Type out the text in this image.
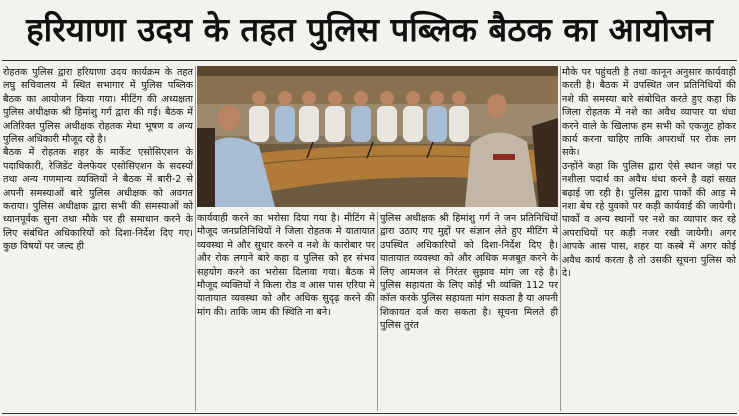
हरियाणा उदय के तहत पुलिस पब्लिक बैठक का आयोजन

रोहतक पुलिस द्वारा हरियाणा उदय कार्यक्रम के तहत लघु सचिवालय में स्थित सभागार में पुलिस पब्लिक बैठक का आयोजन किया गया। मीटिंग की अध्यक्षता पुलिस अधीक्षक श्री हिमांशु गर्ग द्वारा की गई। बैठक में अतिरिक्त पुलिस अधीक्षक रोहतक मेधा भूषण व अन्य पुलिस अधिकारी मौजूद रहे है।

बैठक में रोहतक शहर के मार्केट एसोसिएशन के पदाधिकारी, रेजिडेंट वेलफेयर एसोसिएशन के सदस्यों तथा अन्य गणमान्य व्यक्तियों ने बैठक में बारी-2 से अपनी समस्याओं बारे पुलिस अधीक्षक को अवगत कराया। पुलिस अधीक्षक द्वारा सभी की समस्याओं को ध्यानपूर्वक सुना तथा मौके पर ही समाधान करने के लिए संबंधित अधिकारियों को दिशा-निर्देश दिए गए। कुछ विषयों पर जल्द ही

कार्यवाही करने का भरोसा दिया गया है। मीटिंग मे मौजूद जनप्रतिनिधियों ने जिला रोहतक मे यातायात व्यवस्था मे और सुधार करने व नशे के कारोबार पर और रोक लगाने बारे कहा व पुलिस को हर संभव सहयोग करने का भरोसा दिलावा गया। बैठक मे मौजूद व्यक्तियों ने किला रोड व आस पास एरिया मे यातायात व्यवस्था को और अधिक सुदृढ़ करने की मांग की। ताकि जाम की स्थिति ना बने।

पुलिस अधीक्षक श्री हिमांशु गर्ग ने जन प्रतिनिधियों द्वारा उठाए गए मुद्दों पर संज्ञान लेते हुए मीटिंग मे उपस्थित अधिकारियों को दिशा-निर्देश दिए है। यातायात व्यवस्था को और अधिक मजबूत करने के लिए आमजन से निरंतर सुझाव मांग जा रहे है। पुलिस सहायता के लिए कोई भी व्यक्ति 112 पर कॉल करके पुलिस सहायता मांग सकता है या अपनी शिकायत दर्ज करा सकता है। सूचना मिलते ही पुलिस तुरंत

मौके पर पहुंचती है तथा कानून अनुसार कार्यवाही करती है। बैठक में उपस्थित जन प्रतिनिधियों की नशे की समस्या बारे संबोधित करते हुए कहा कि जिला रोहतक में नशे का अवैध व्यापार या धंधा करने वाले के खिलाफ हम सभी को एकजुट होकर कार्य करना चाहिए ताकि अपराधों पर रोक लग सके।

उन्होंने कहा कि पुलिस द्वारा ऐसे स्थान जहां पर नशीला पदार्थ का अवैध धंधा करने है वहां सख्त बढ़ाई जा रही है। पुलिस द्वारा पार्को की आड़ मे नशा बेच रहे युवको पर कड़ी कार्यवाई की जायेगी। पार्को व अन्य स्थानों पर नशे का व्यापार कर रहे अपराधियों पर कड़ी नजर रखी जायेगी। अगर आपके आस पास, शहर या कस्बे में अगर कोई अवैध कार्य करता है तो उसकी सूचना पुलिस को दे।
